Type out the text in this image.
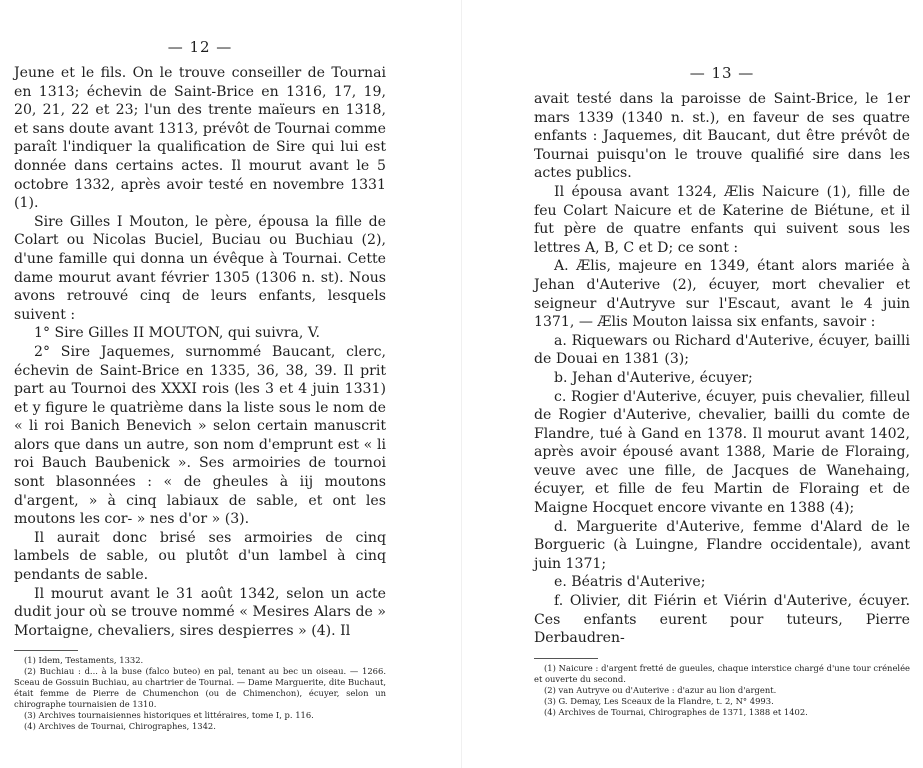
— 12 —

Jeune et le fils. On le trouve conseiller de Tournai en 1313; échevin de Saint-Brice en 1316, 17, 19, 20, 21, 22 et 23; l'un des trente maïeurs en 1318, et sans doute avant 1313, prévôt de Tournai comme paraît l'indiquer la qualification de Sire qui lui est donnée dans certains actes. Il mourut avant le 5 octobre 1332, après avoir testé en novembre 1331 (1).

Sire Gilles I Mouton, le père, épousa la fille de Colart ou Nicolas Buciel, Buciau ou Buchiau (2), d'une famille qui donna un évêque à Tournai. Cette dame mourut avant février 1305 (1306 n. st). Nous avons retrouvé cinq de leurs enfants, lesquels suivent :

1° Sire Gilles II MOUTON, qui suivra, V.

2° Sire Jaquemes, surnommé Baucant, clerc, échevin de Saint-Brice en 1335, 36, 38, 39. Il prit part au Tournoi des XXXI rois (les 3 et 4 juin 1331) et y figure le quatrième dans la liste sous le nom de « li roi Banich Benevich » selon certain manuscrit alors que dans un autre, son nom d'emprunt est « li roi Bauch Baubenick ». Ses armoiries de tournoi sont blasonnées : « de gheules à iij moutons d'argent, » à cinq labiaux de sable, et ont les moutons les cor- » nes d'or » (3).

Il aurait donc brisé ses armoiries de cinq lambels de sable, ou plutôt d'un lambel à cinq pendants de sable.

Il mourut avant le 31 août 1342, selon un acte dudit jour où se trouve nommé « Mesires Alars de » Mortaigne, chevaliers, sires despierres » (4). Il

(1) Idem, Testaments, 1332.

(2) Buchiau : d... à la buse (falco buteo) en pal, tenant au bec un oiseau. — 1266. Sceau de Gossuin Buchiau, au chartrier de Tournai. — Dame Marguerite, dite Buchaut, était femme de Pierre de Chumenchon (ou de Chimenchon), écuyer, selon un chirographe tournaisien de 1310.

(3) Archives tournaisiennes historiques et littéraires, tome I, p. 116.

(4) Archives de Tournai, Chirographes, 1342.

— 13 —

avait testé dans la paroisse de Saint-Brice, le 1er mars 1339 (1340 n. st.), en faveur de ses quatre enfants : Jaquemes, dit Baucant, dut être prévôt de Tournai puisqu'on le trouve qualifié sire dans les actes publics.

Il épousa avant 1324, Ælis Naicure (1), fille de feu Colart Naicure et de Katerine de Biétune, et il fut père de quatre enfants qui suivent sous les lettres A, B, C et D; ce sont :

A. Ælis, majeure en 1349, étant alors mariée à Jehan d'Auterive (2), écuyer, mort chevalier et seigneur d'Autryve sur l'Escaut, avant le 4 juin 1371, — Ælis Mouton laissa six enfants, savoir :

a. Riquewars ou Richard d'Auterive, écuyer, bailli de Douai en 1381 (3);

b. Jehan d'Auterive, écuyer;

c. Rogier d'Auterive, écuyer, puis chevalier, filleul de Rogier d'Auterive, chevalier, bailli du comte de Flandre, tué à Gand en 1378. Il mourut avant 1402, après avoir épousé avant 1388, Marie de Floraing, veuve avec une fille, de Jacques de Wanehaing, écuyer, et fille de feu Martin de Floraing et de Maigne Hocquet encore vivante en 1388 (4);

d. Marguerite d'Auterive, femme d'Alard de le Borgueric (à Luingne, Flandre occidentale), avant juin 1371;

e. Béatris d'Auterive;

f. Olivier, dit Fiérin et Viérin d'Auterive, écuyer. Ces enfants eurent pour tuteurs, Pierre Derbaudren-

(1) Naicure : d'argent fretté de gueules, chaque interstice chargé d'une tour crénelée et ouverte du second.

(2) van Autryve ou d'Auterive : d'azur au lion d'argent.

(3) G. Demay, Les Sceaux de la Flandre, t. 2, N° 4993.

(4) Archives de Tournai, Chirographes de 1371, 1388 et 1402.
